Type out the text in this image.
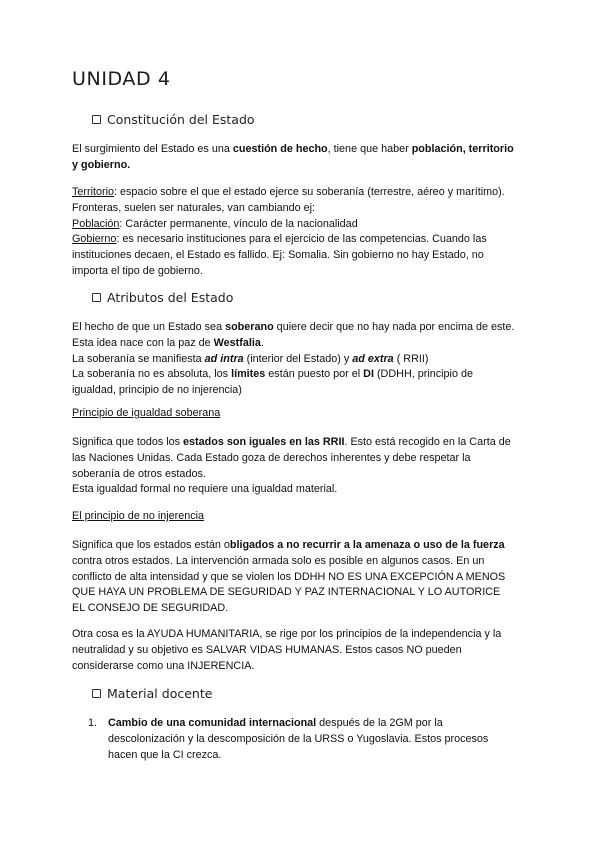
UNIDAD 4
Constitución del Estado
El surgimiento del Estado es una cuestión de hecho, tiene que haber población, territorio
y gobierno.
Territorio: espacio sobre el que el estado ejerce su soberanía (terrestre, aéreo y marítimo).
Fronteras, suelen ser naturales, van cambiando ej:
Población: Carácter permanente, vínculo de la nacionalidad
Gobierno: es necesario instituciones para el ejercicio de las competencias. Cuando las
instituciones decaen, el Estado es fallido. Ej: Somalia. Sin gobierno no hay Estado, no
importa el tipo de gobierno.
Atributos del Estado
El hecho de que un Estado sea soberano quiere decir que no hay nada por encima de este.
Esta idea nace con la paz de Westfalia.
La soberanía se manifiesta ad intra (interior del Estado) y ad extra ( RRII)
La soberanía no es absoluta, los límites están puesto por el DI (DDHH, principio de
igualdad, principio de no injerencia)
Principio de igualdad soberana
Significa que todos los estados son iguales en las RRII. Esto está recogido en la Carta de
las Naciones Unidas. Cada Estado goza de derechos inherentes y debe respetar la
soberanía de otros estados.
Esta igualdad formal no requiere una igualdad material.
El principio de no injerencia
Significa que los estados están obligados a no recurrir a la amenaza o uso de la fuerza
contra otros estados. La intervención armada solo es posible en algunos casos. En un
conflicto de alta intensidad y que se violen los DDHH NO ES UNA EXCEPCIÓN A MENOS
QUE HAYA UN PROBLEMA DE SEGURIDAD Y PAZ INTERNACIONAL Y LO AUTORICE
EL CONSEJO DE SEGURIDAD.
Otra cosa es la AYUDA HUMANITARIA, se rige por los principios de la independencia y la
neutralidad y su objetivo es SALVAR VIDAS HUMANAS. Estos casos NO pueden
considerarse como una INJERENCIA.
Material docente
1. Cambio de una comunidad internacional después de la 2GM por la
descolonización y la descomposición de la URSS o Yugoslavia. Estos procesos
hacen que la CI crezca.
